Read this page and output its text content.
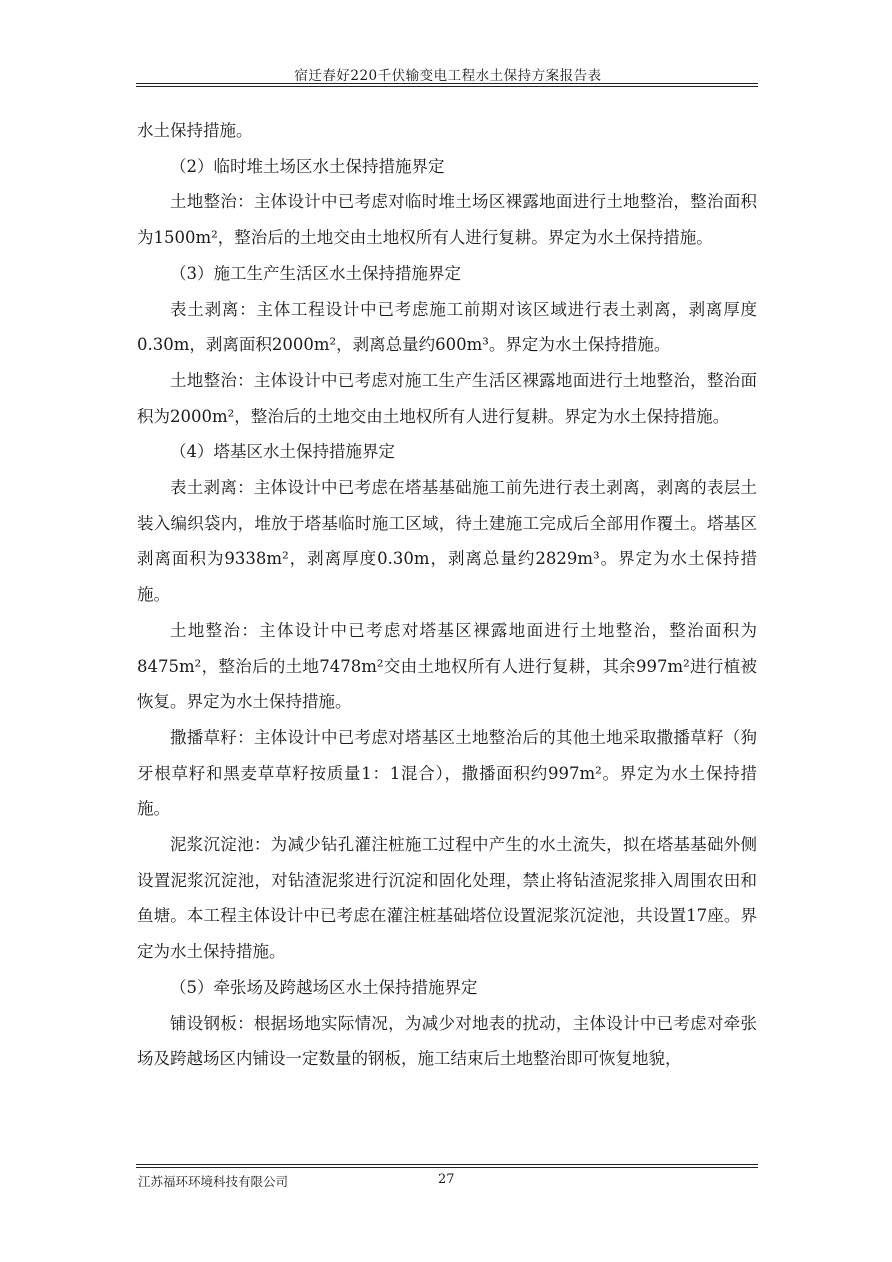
宿迁春好220千伏输变电工程水土保持方案报告表

水土保持措施。

（2）临时堆土场区水土保持措施界定

土地整治：主体设计中已考虑对临时堆土场区裸露地面进行土地整治，整治面积为1500m²，整治后的土地交由土地权所有人进行复耕。界定为水土保持措施。

（3）施工生产生活区水土保持措施界定

表土剥离：主体工程设计中已考虑施工前期对该区域进行表土剥离，剥离厚度0.30m，剥离面积2000m²，剥离总量约600m³。界定为水土保持措施。

土地整治：主体设计中已考虑对施工生产生活区裸露地面进行土地整治，整治面积为2000m²，整治后的土地交由土地权所有人进行复耕。界定为水土保持措施。

（4）塔基区水土保持措施界定

表土剥离：主体设计中已考虑在塔基基础施工前先进行表土剥离，剥离的表层土装入编织袋内，堆放于塔基临时施工区域，待土建施工完成后全部用作覆土。塔基区剥离面积为9338m²，剥离厚度0.30m，剥离总量约2829m³。界定为水土保持措施。

土地整治：主体设计中已考虑对塔基区裸露地面进行土地整治，整治面积为8475m²，整治后的土地7478m²交由土地权所有人进行复耕，其余997m²进行植被恢复。界定为水土保持措施。

撒播草籽：主体设计中已考虑对塔基区土地整治后的其他土地采取撒播草籽（狗牙根草籽和黑麦草草籽按质量1：1混合），撒播面积约997m²。界定为水土保持措施。

泥浆沉淀池：为减少钻孔灌注桩施工过程中产生的水土流失，拟在塔基基础外侧设置泥浆沉淀池，对钻渣泥浆进行沉淀和固化处理，禁止将钻渣泥浆排入周围农田和鱼塘。本工程主体设计中已考虑在灌注桩基础塔位设置泥浆沉淀池，共设置17座。界定为水土保持措施。

（5）牵张场及跨越场区水土保持措施界定

铺设钢板：根据场地实际情况，为减少对地表的扰动，主体设计中已考虑对牵张场及跨越场区内铺设一定数量的钢板，施工结束后土地整治即可恢复地貌，

江苏福环环境科技有限公司	27
